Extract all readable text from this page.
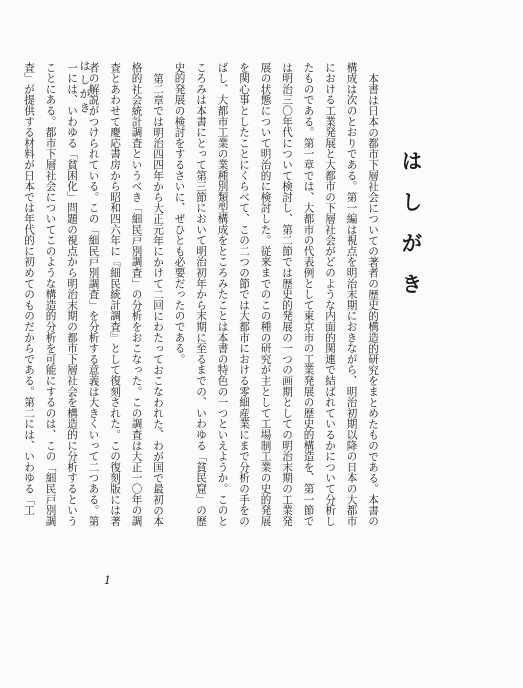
はしがき
はしがき

本書は日本の都市下層社会についての著者の歴史的構造的研究をまとめたものである。本書の構成は次のとおりである。第一編は視点を明治末期におきながら、明治初期以降の日本の大都市における工業発展と大都市の下層社会がどのような内面的関連で結ばれているかについて分析したものである。第一章では、大都市の代表例として東京市の工業発展の歴史的構造を、第一節では明治三〇年代について検討し、第二節では歴史的発展の一つの画期としての明治末期の工業発展の状態について明治的に検討した。従来までのこの種の研究が主として工場制工業の史的発展を関心事としたことにくらべて、この二つの節では大都市における零細産業にまで分析の手をのばし、大都市工業の業種別類型構成をところみたことは本書の特色の一つといえようか。このところみは本書にとって第三節において明治初年から末期に至るまでの、いわゆる「貧民窟」の歴史的発展の検討をするさいに、ぜひとも必要だったのである。

第二章では明治四四年から大正元年にかけて二回にわたっておこなわれた、わが国で最初の本格的社会統計調査というべき「細民戸別調査」の分析をおこなった。この調査は大正一〇年の調査とあわせて慶応書房から昭和四六年に『細民統計調査』として復刻された。この復刻版には著者の解説がつけられている。この「細民戸別調査」を分析する意義は大きくいって二つある。第一には、いわゆる「貧困化」問題の視点から明治末期の都市下層社会を構造的に分析するということにある。都市下層社会についてこのような構造的分析を可能にするのは、この「細民戸別調査」が提供する材料が日本では年代的に初めてのものだからである。第二には、いわゆる「工

1
